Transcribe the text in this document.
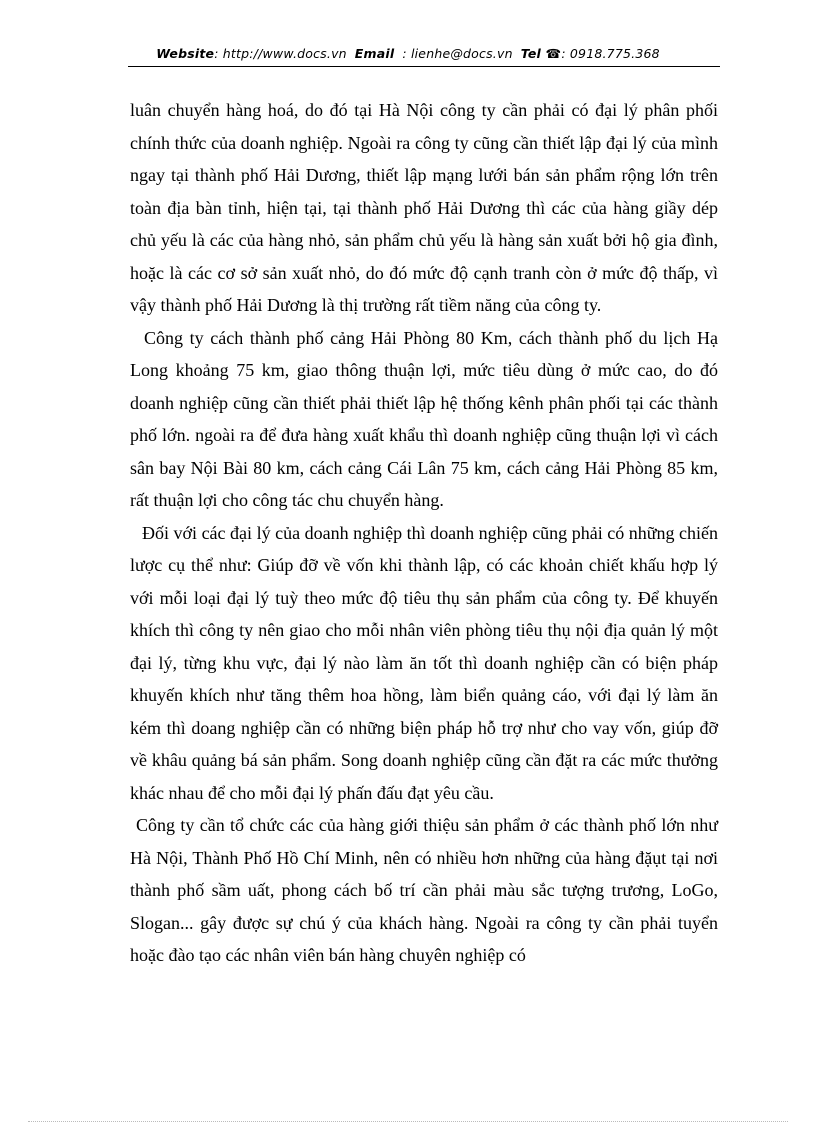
Website: http://www.docs.vn Email : lienhe@docs.vn Tel ☎: 0918.775.368

luân chuyển hàng hoá, do đó tại Hà Nội công ty cần phải có đại lý phân phối chính thức của doanh nghiệp. Ngoài ra công ty cũng cần thiết lập đại lý của mình ngay tại thành phố Hải Dương, thiết lập mạng lưới bán sản phẩm rộng lớn trên toàn địa bàn tỉnh, hiện tại, tại thành phố Hải Dương thì các của hàng giầy dép chủ yếu là các của hàng nhỏ, sản phẩm chủ yếu là hàng sản xuất bởi hộ gia đình, hoặc là các cơ sở sản xuất nhỏ, do đó mức độ cạnh tranh còn ở mức độ thấp, vì vậy thành phố Hải Dương là thị trường rất tiềm năng của công ty.

Công ty cách thành phố cảng Hải Phòng 80 Km, cách thành phố du lịch Hạ Long khoảng 75 km, giao thông thuận lợi, mức tiêu dùng ở mức cao, do đó doanh nghiệp cũng cần thiết phải thiết lập hệ thống kênh phân phối tại các thành phố lớn. ngoài ra để đưa hàng xuất khẩu thì doanh nghiệp cũng thuận lợi vì cách sân bay Nội Bài 80 km, cách cảng Cái Lân 75 km, cách cảng Hải Phòng 85 km, rất thuận lợi cho công tác chu chuyển hàng.

Đối với các đại lý của doanh nghiệp thì doanh nghiệp cũng phải có những chiến lược cụ thể như: Giúp đỡ về vốn khi thành lập, có các khoản chiết khấu hợp lý với mỗi loại đại lý tuỳ theo mức độ tiêu thụ sản phẩm của công ty. Để khuyến khích thì công ty nên giao cho mỗi nhân viên phòng tiêu thụ nội địa quản lý một đại lý, từng khu vực, đại lý nào làm ăn tốt thì doanh nghiệp cần có biện pháp khuyến khích như tăng thêm hoa hồng, làm biển quảng cáo, với đại lý làm ăn kém thì doang nghiệp cần có những biện pháp hỗ trợ như cho vay vốn, giúp đỡ về khâu quảng bá sản phẩm. Song doanh nghiệp cũng cần đặt ra các mức thưởng khác nhau để cho mỗi đại lý phấn đấu đạt yêu cầu.

Công ty cần tổ chức các của hàng giới thiệu sản phẩm ở các thành phố lớn như Hà Nội, Thành Phố Hồ Chí Minh, nên có nhiều hơn những của hàng đặụt tại nơi thành phố sầm uất, phong cách bố trí cần phải màu sắc tượng trương, LoGo, Slogan... gây được sự chú ý của khách hàng. Ngoài ra công ty cần phải tuyển hoặc đào tạo các nhân viên bán hàng chuyên nghiệp có
